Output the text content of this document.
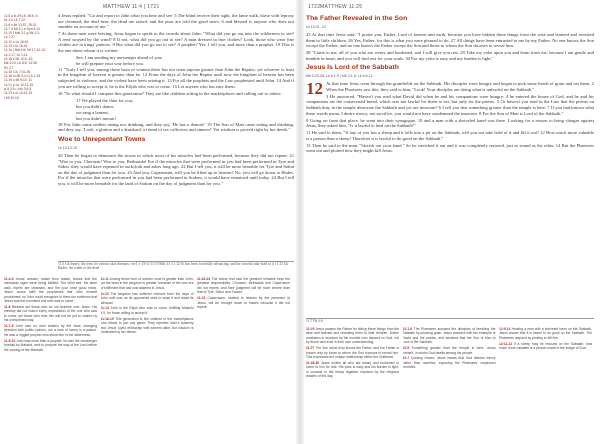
MATTHEW 11:4 | 1721
11:5 a Is 29:18; 35:5, 6;
61:1 b Lk 7:22
11:6 c Mt 13:57; 26:31
11:7 d Mt 3:1 e Eph 4:14
11:10 f Mal 3:1 g Mk 1:2;
Lk 7:27
11:12 h Lk 16:16
11:13 i Lk 16:16
11:14 j Mal 4:5; Mt 17:10-13;
Lk 1:17; Jn 1:21
11:15 k Mt 13:9, 43;
Mk 4:23; Lk 8:8; 14:35;
Rv 2:7
11:16 l Lk 7:31-35
11:18 m Mt 3:4 n Lk 1:15
11:19 o Mt 9:10, 11
11:21 p Lk 10:13-15
q Jl 3:4 r Jnh 3:6-8
11:23 s Is 14:13-15
t Mt 10:15

4 Jesus replied, "Go and report to John what you hear and see: 5 The blind receive their sight, the lame walk, those with leprosy are cleansed, the deaf hear, the dead are raised, and the poor are told the good news, 6 and blessed is anyone who does not stumble on account of me."

7 As these men were leaving, Jesus began to speak to the crowds about John: "What did you go out into the wilderness to see? A reed swayed by the wind? 8 If not, what did you go out to see? A man dressed in fine clothes? Look, those who wear fine clothes are in kings' palaces. 9 But what did you go out to see? A prophet? Yes, I tell you, and more than a prophet. 10 This is the one about whom it is written:

See, I am sending my messenger ahead of you;

he will prepare your way before you.

11 "Truly I tell you, among those born of women there has not risen anyone greater than John the Baptist; yet whoever is least in the kingdom of heaven is greater than he. 12 From the days of John the Baptist until now the kingdom of heaven has been subjected to violence, and the violent have been seizing it. 13 For all the prophets and the Law prophesied until John. 14 And if you are willing to accept it, he is the Elijah who was to come. 15 Let anyone who has ears listen.

16 "To what should I compare this generation? They are like children sitting in the marketplaces and calling out to others:

17 We played the flute for you,

but you didn't dance;

we sang a lament,

but you didn't mourn!

18 For John came neither eating nor drinking, and they say, 'He has a demon!' 19 The Son of Man came eating and drinking, and they say, 'Look, a glutton and a drunkard, a friend of tax collectors and sinners!' Yet wisdom is proved right by her deeds."

Woe to Unrepentant Towns
Lk 10:13-15

20 Then he began to denounce the towns in which most of his miracles had been performed, because they did not repent: 21 "Woe to you, Chorazin! Woe to you, Bethsaida! For if the miracles that were performed in you had been performed in Tyre and Sidon, they would have repented in sackcloth and ashes long ago. 22 But I tell you, it will be more bearable for Tyre and Sidon on the day of judgment than for you. 23 And you, Capernaum, will you be lifted up to heaven? No, you will go down to Hades. For if the miracles that were performed in you had been performed in Sodom, it would have remained until today. 24 But I tell you, it will be more bearable for the land of Sodom on the day of judgment than for you."

11:5 Gk lepers; the term for various skin diseases; see Lv 13-14 11:10 Mal 3:1 11:12 Or has been forcefully advancing, and the forceful take hold of it 11:23 Gk Hades; the realm of the dead
11:4-5 Jesus' answer, drawn from Isaiah, shows that the messianic signs were being fulfilled. The blind see, the lame walk, lepers are cleansed, and the poor hear good news. Jesus' works fulfill the prophecies that John himself proclaimed, so John could recognize in them the evidence that Jesus was the promised one who was to come.
11:6 Blessed are those who do not stumble over Jesus. His ministry did not match every expectation of the one who was to come, yet those who trust him will not be put to shame by his unexpected way.
11:7-8 John was no reed shaken by the wind, changing direction with public opinion, nor a man of luxury in a palace. He was a rugged prophet who stood firm in the wilderness.
11:9-10 John was more than a prophet: he was the messenger foretold by Malachi, sent to prepare the way of the Lord before the coming of the Messiah.
11:11 Among those born of women none is greater than John; yet the least in the kingdom is greater, because of the new era of fulfillment that has now dawned in Jesus.
11:12 The kingdom has suffered violence from the days of John until now, as its opponents seek to seize it and resist its advance.
11:14 John is the Elijah who was to come, fulfilling Malachi 4:5, for those willing to accept it.
11:16-19 This generation is like children in the marketplaces who refuse to join any game. They rejected John's austerity and Jesus' joyful fellowship with sinners alike, but wisdom is vindicated by her deeds.
11:20-24 The towns that saw the greatest miracles bear the greatest responsibility. Chorazin, Bethsaida and Capernaum did not repent, and their judgment will be more severe than that of Tyre, Sidon and Sodom.
11:23 Capernaum, exalted to heaven by the presence of Jesus, will be brought down to Hades because it did not repent.
1722 MATTHEW 11:25
The Father Revealed in the Son
Lk 10:21, 22

25 At that time Jesus said, "I praise you, Father, Lord of heaven and earth, because you have hidden these things from the wise and learned and revealed them to little children. 26 Yes, Father, for this is what you were pleased to do. 27 All things have been entrusted to me by my Father. No one knows the Son except the Father, and no one knows the Father except the Son and those to whom the Son chooses to reveal him.

28 "Come to me, all of you who are weary and burdened, and I will give you rest. 29 Take my yoke upon you and learn from me, because I am gentle and humble in heart, and you will find rest for your souls. 30 For my yoke is easy and my burden is light."

Jesus Is Lord of the Sabbath
Mk 2:23-28; Lk 6:1-5 | Mk 3:1-6; Lk 6:6-11

12 At that time Jesus went through the grainfields on the Sabbath. His disciples were hungry and began to pick some heads of grain and eat them. 2 When the Pharisees saw this, they said to him, "Look! Your disciples are doing what is unlawful on the Sabbath."

3 He answered, "Haven't you read what David did when he and his companions were hungry: 4 he entered the house of God, and he and his companions ate the consecrated bread, which was not lawful for them to eat, but only for the priests. 5 Or haven't you read in the Law that the priests on Sabbath duty in the temple desecrate the Sabbath and yet are innocent? 6 I tell you that something greater than the temple is here. 7 If you had known what these words mean, I desire mercy, not sacrifice, you would not have condemned the innocent. 8 For the Son of Man is Lord of the Sabbath."

9 Going on from that place, he went into their synagogue, 10 and a man with a shriveled hand was there. Looking for a reason to bring charges against Jesus, they asked him, "Is it lawful to heal on the Sabbath?"

11 He said to them, "If any of you has a sheep and it falls into a pit on the Sabbath, will you not take hold of it and lift it out? 12 How much more valuable is a person than a sheep! Therefore it is lawful to do good on the Sabbath."

13 Then he said to the man, "Stretch out your hand." So he stretched it out and it was completely restored, just as sound as the other. 14 But the Pharisees went out and plotted how they might kill Jesus.

12:7 Hs 6:6
11:25 Jesus praises the Father for hiding these things from the wise and learned and revealing them to little children. Divine revelation is received by the humble who depend on God, not by those who trust in their own understanding.
11:27 The Son alone truly knows the Father, and the Father is known only by those to whom the Son chooses to reveal him. This expresses the unique relationship within the Godhead.
11:28-30 Jesus invites all who are weary and burdened to come to him for rest. His yoke is easy and his burden is light, in contrast to the heavy legalism imposed by the religious leaders of the day.
12:1-8 The Pharisees accused the disciples of breaking the Sabbath by plucking grain. Jesus answers with the example of David and the priests, and declares that the Son of Man is Lord of the Sabbath.
12:6 Something greater than the temple is here: Jesus himself, in whom God dwells among his people.
12:7 Quoting Hosea, Jesus insists that God desires mercy rather than sacrifice, exposing the Pharisees' misplaced priorities.
12:9-14 Healing a man with a shriveled hand on the Sabbath, Jesus shows that it is lawful to do good on the Sabbath. The Pharisees respond by plotting to kill him.
12:11-12 If a sheep may be rescued on the Sabbath, how much more valuable is a person made in the image of God.
